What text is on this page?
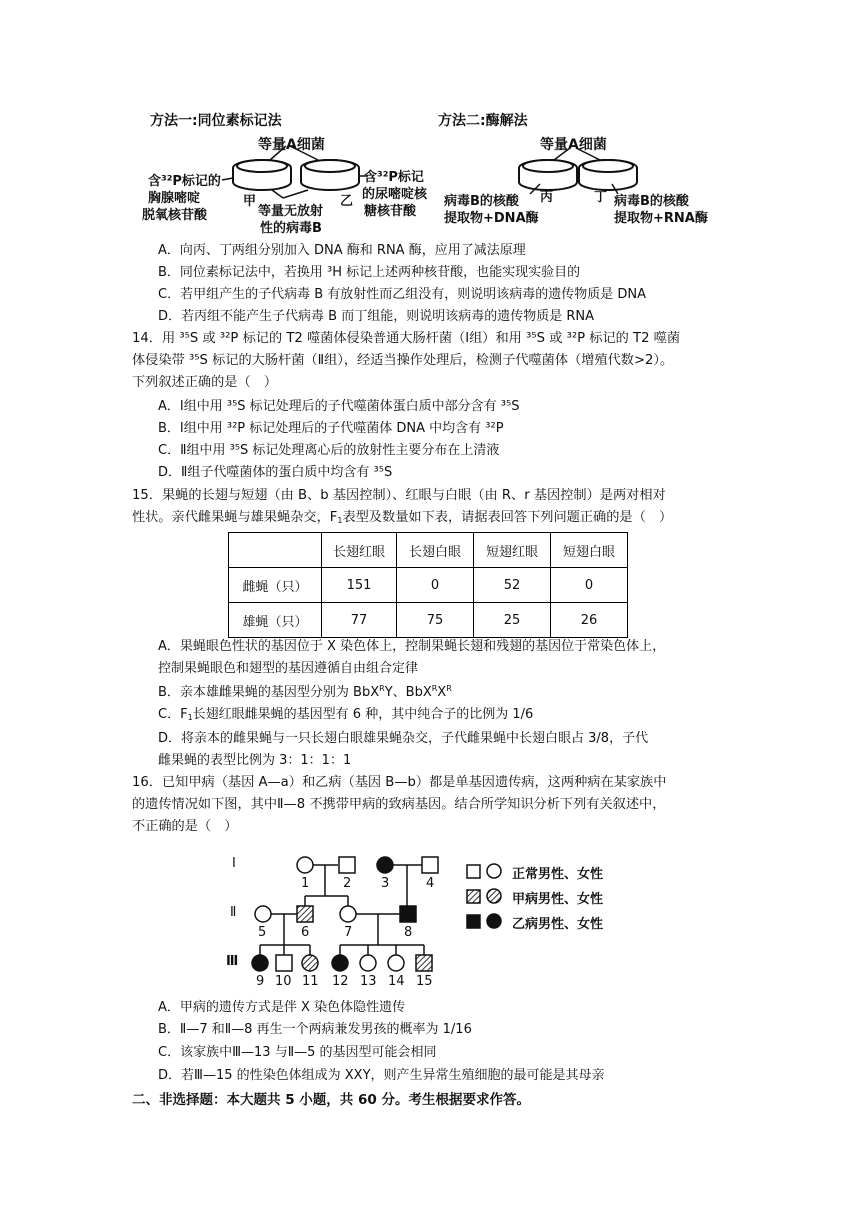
方法一:同位素标记法	方法二:酶解法
等量A细菌	等量A细菌
含³²P标记的
胸腺嘧啶
脱氧核苷酸
甲	乙
等量无放射
性的病毒B
含³²P标记
的尿嘧啶核
糖核苷酸
丙	丁
病毒B的核酸
提取物+DNA酶
病毒B的核酸
提取物+RNA酶
A．向丙、丁两组分别加入 DNA 酶和 RNA 酶，应用了减法原理
B．同位素标记法中，若换用 ³H 标记上述两种核苷酸，也能实现实验目的
C．若甲组产生的子代病毒 B 有放射性而乙组没有，则说明该病毒的遗传物质是 DNA
D．若丙组不能产生子代病毒 B 而丁组能，则说明该病毒的遗传物质是 RNA
14．用 ³⁵S 或 ³²P 标记的 T2 噬菌体侵染普通大肠杆菌（Ⅰ组）和用 ³⁵S 或 ³²P 标记的 T2 噬菌
体侵染带 ³⁵S 标记的大肠杆菌（Ⅱ组），经适当操作处理后，检测子代噬菌体（增殖代数>2）。
下列叙述正确的是（　）
A．Ⅰ组中用 ³⁵S 标记处理后的子代噬菌体蛋白质中部分含有 ³⁵S
B．Ⅰ组中用 ³²P 标记处理后的子代噬菌体 DNA 中均含有 ³²P
C．Ⅱ组中用 ³⁵S 标记处理离心后的放射性主要分布在上清液
D．Ⅱ组子代噬菌体的蛋白质中均含有 ³⁵S
15．果蝇的长翅与短翅（由 B、b 基因控制）、红眼与白眼（由 R、r 基因控制）是两对相对
性状。亲代雌果蝇与雄果蝇杂交，$F_1$表型及数量如下表，请据表回答下列问题正确的是（　）
	长翅红眼	长翅白眼	短翅红眼	短翅白眼
雌蝇（只）	151	0	52	0
雄蝇（只）	77	75	25	26
A．果蝇眼色性状的基因位于 X 染色体上，控制果蝇长翅和残翅的基因位于常染色体上，
控制果蝇眼色和翅型的基因遵循自由组合定律
B．亲本雄雌果蝇的基因型分别为 BbX$^R$Y、$BbX^RX^R$
C．$F_1$长翅红眼雌果蝇的基因型有 6 种，其中纯合子的比例为 1/6
D．将亲本的雌果蝇与一只长翅白眼雄果蝇杂交，子代雌果蝇中长翅白眼占 3/8，子代
雌果蝇的表型比例为 3：1：1：1
16．已知甲病（基因 A—a）和乙病（基因 B—b）都是单基因遗传病，这两种病在某家族中
的遗传情况如下图，其中Ⅱ—8 不携带甲病的致病基因。结合所学知识分析下列有关叙述中，
不正确的是（　）
Ⅰ
Ⅱ
Ⅲ
1	2 3	4
5	6	7	8
9 10 11 12 13 14 15
正常男性、女性
甲病男性、女性
乙病男性、女性
A．甲病的遗传方式是伴 X 染色体隐性遗传
B．Ⅱ—7 和Ⅱ—8 再生一个两病兼发男孩的概率为 1/16
C．该家族中Ⅲ—13 与Ⅱ—5 的基因型可能会相同
D．若Ⅲ—15 的性染色体组成为 XXY，则产生异常生殖细胞的最可能是其母亲
二、非选择题：本大题共 5 小题，共 60 分。考生根据要求作答。
